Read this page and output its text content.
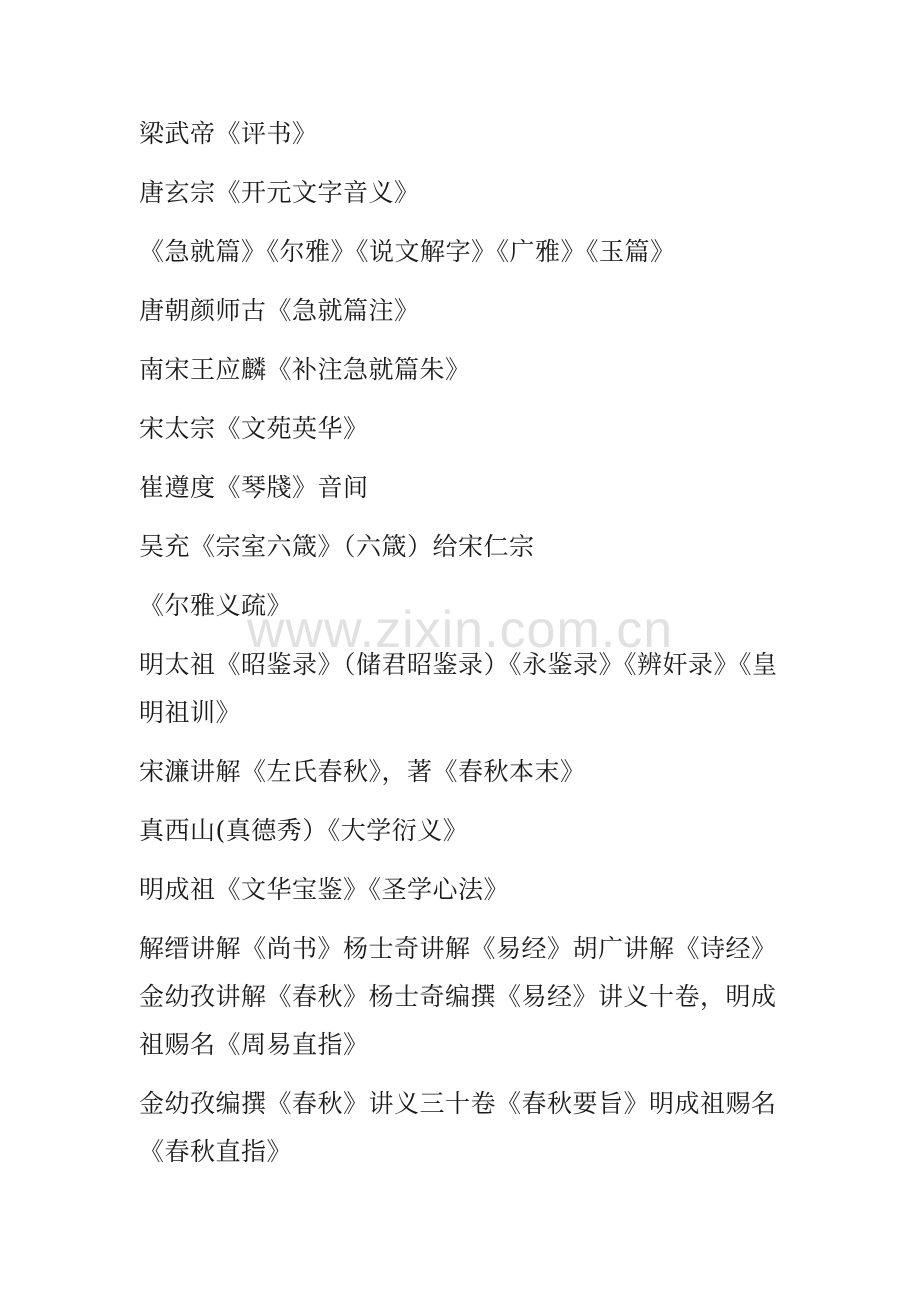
梁武帝《评书》

唐玄宗《开元文字音义》

《急就篇》《尔雅》《说文解字》《广雅》《玉篇》

唐朝颜师古《急就篇注》

南宋王应麟《补注急就篇朱》

宋太宗《文苑英华》

崔遵度《琴牋》音间

吴充《宗室六箴》（六箴）给宋仁宗

《尔雅义疏》

明太祖《昭鉴录》（储君昭鉴录）《永鉴录》《辨奸录》《皇明祖训》

宋濂讲解《左氏春秋》，著《春秋本末》

真西山(真德秀）《大学衍义》

明成祖《文华宝鉴》《圣学心法》

解缙讲解《尚书》杨士奇讲解《易经》胡广讲解《诗经》金幼孜讲解《春秋》杨士奇编撰《易经》讲义十卷，明成祖赐名《周易直指》

金幼孜编撰《春秋》讲义三十卷《春秋要旨》明成祖赐名《春秋直指》

www.zixin.com.cn
